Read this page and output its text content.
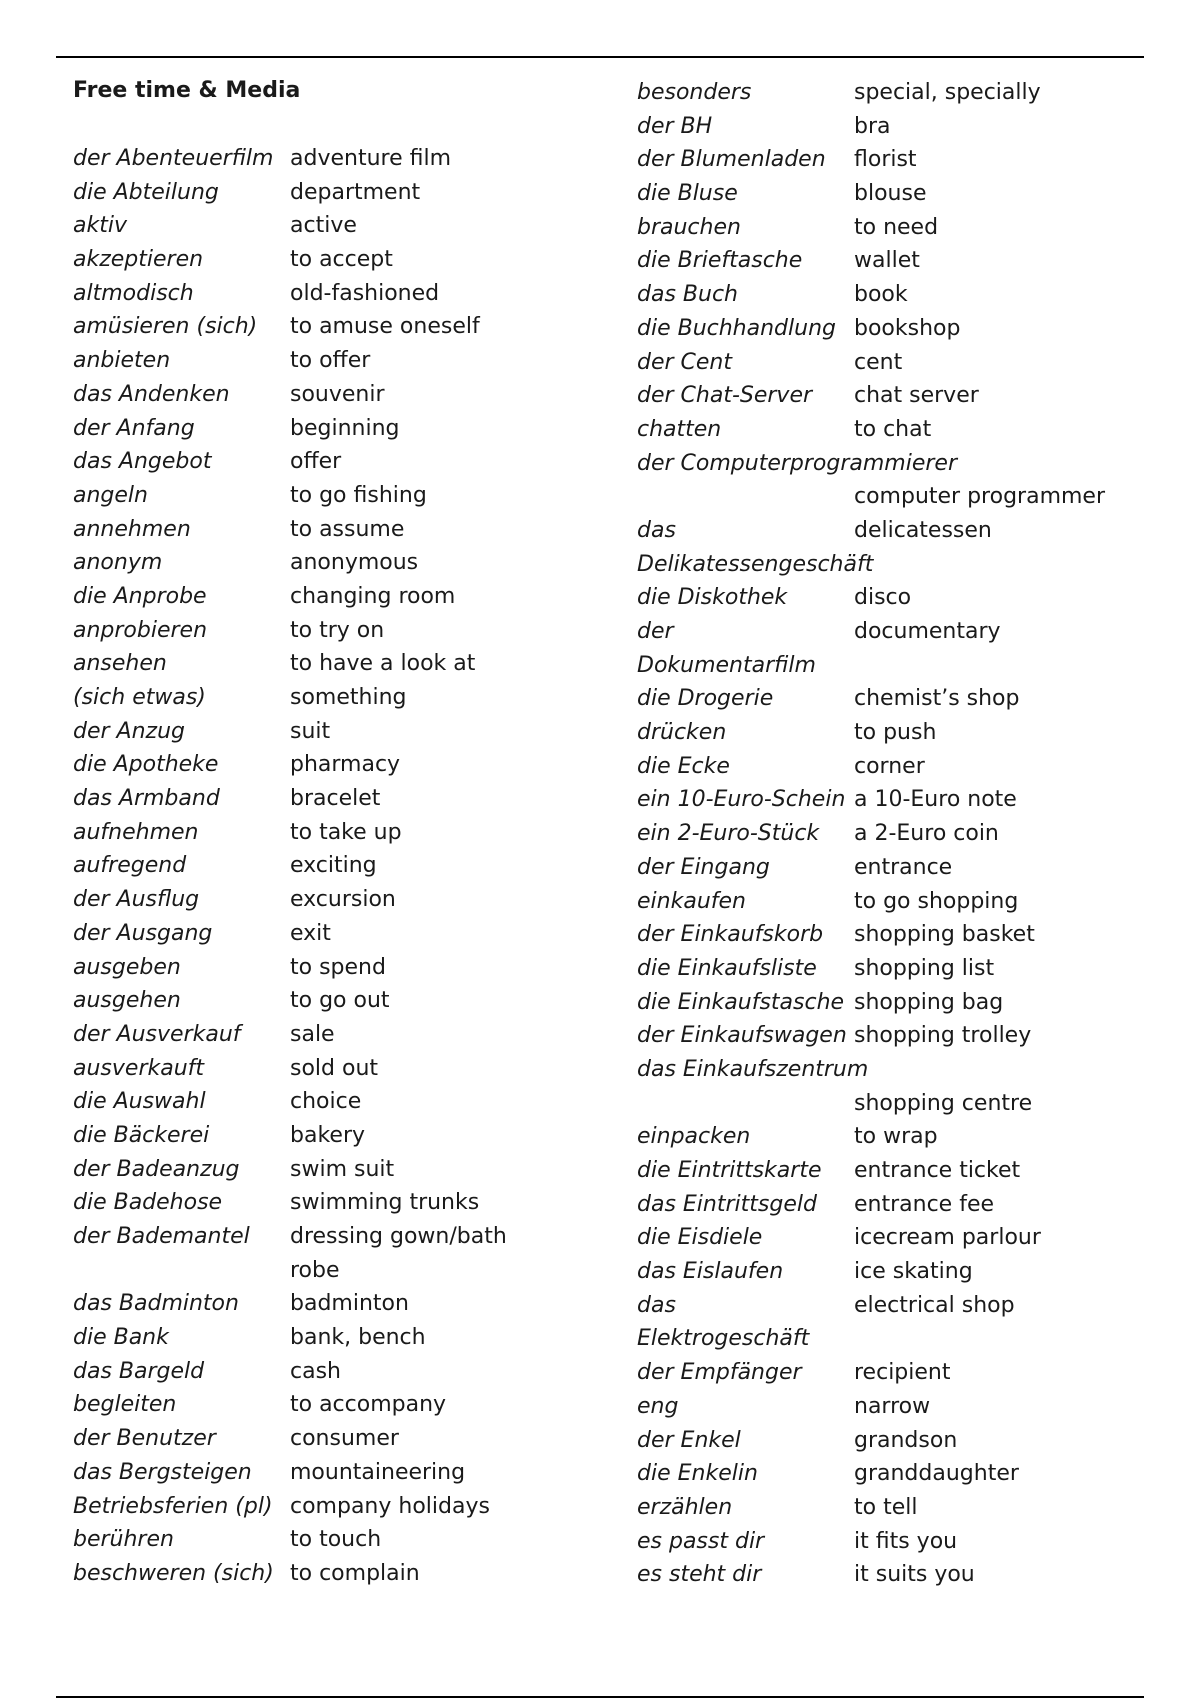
Free time & Media
der Abenteuerfilm adventure film
die Abteilung	department
aktiv	active
akzeptieren	to accept
altmodisch	old-fashioned
amüsieren (sich) to amuse oneself
anbieten	to offer
das Andenken	souvenir
der Anfang	beginning
das Angebot	offer
angeln	to go fishing
annehmen	to assume
anonym	anonymous
die Anprobe	changing room
anprobieren	to try on
ansehen	to have a look at
(sich etwas)	something
der Anzug	suit
die Apotheke	pharmacy
das Armband	bracelet
aufnehmen	to take up
aufregend	exciting
der Ausflug	excursion
der Ausgang	exit
ausgeben	to spend
ausgehen	to go out
der Ausverkauf sale
ausverkauft	sold out
die Auswahl	choice
die Bäckerei	bakery
der Badeanzug swim suit
die Badehose	swimming trunks
der Bademantel dressing gown/bath
robe
das Badminton badminton
die Bank	bank, bench
das Bargeld	cash
begleiten	to accompany
der Benutzer	consumer
das Bergsteigen mountaineering
Betriebsferien (pl) company holidays
berühren	to touch
beschweren (sich) to complain
besonders	special, specially
der BH	bra
der Blumenladen florist
die Bluse	blouse
brauchen	to need
die Brieftasche wallet
das Buch	book
die Buchhandlung bookshop
der Cent	cent
der Chat-Server chat server
chatten	to chat
der Computerprogrammierer
computer programmer
das	delicatessen
Delikatessengeschäft
die Diskothek	disco
der	documentary
Dokumentarfilm
die Drogerie	chemist’s shop
drücken	to push
die Ecke	corner
ein 10-Euro-Schein a 10-Euro note
ein 2-Euro-Stück a 2-Euro coin
der Eingang	entrance
einkaufen	to go shopping
der Einkaufskorb shopping basket
die Einkaufsliste shopping list
die Einkaufstasche shopping bag
der Einkaufswagen shopping trolley
das Einkaufszentrum
shopping centre
einpacken	to wrap
die Eintrittskarte entrance ticket
das Eintrittsgeld entrance fee
die Eisdiele	icecream parlour
das Eislaufen	ice skating
das	electrical shop
Elektrogeschäft
der Empfänger recipient
eng	narrow
der Enkel	grandson
die Enkelin	granddaughter
erzählen	to tell
es passt dir	it fits you
es steht dir	it suits you
